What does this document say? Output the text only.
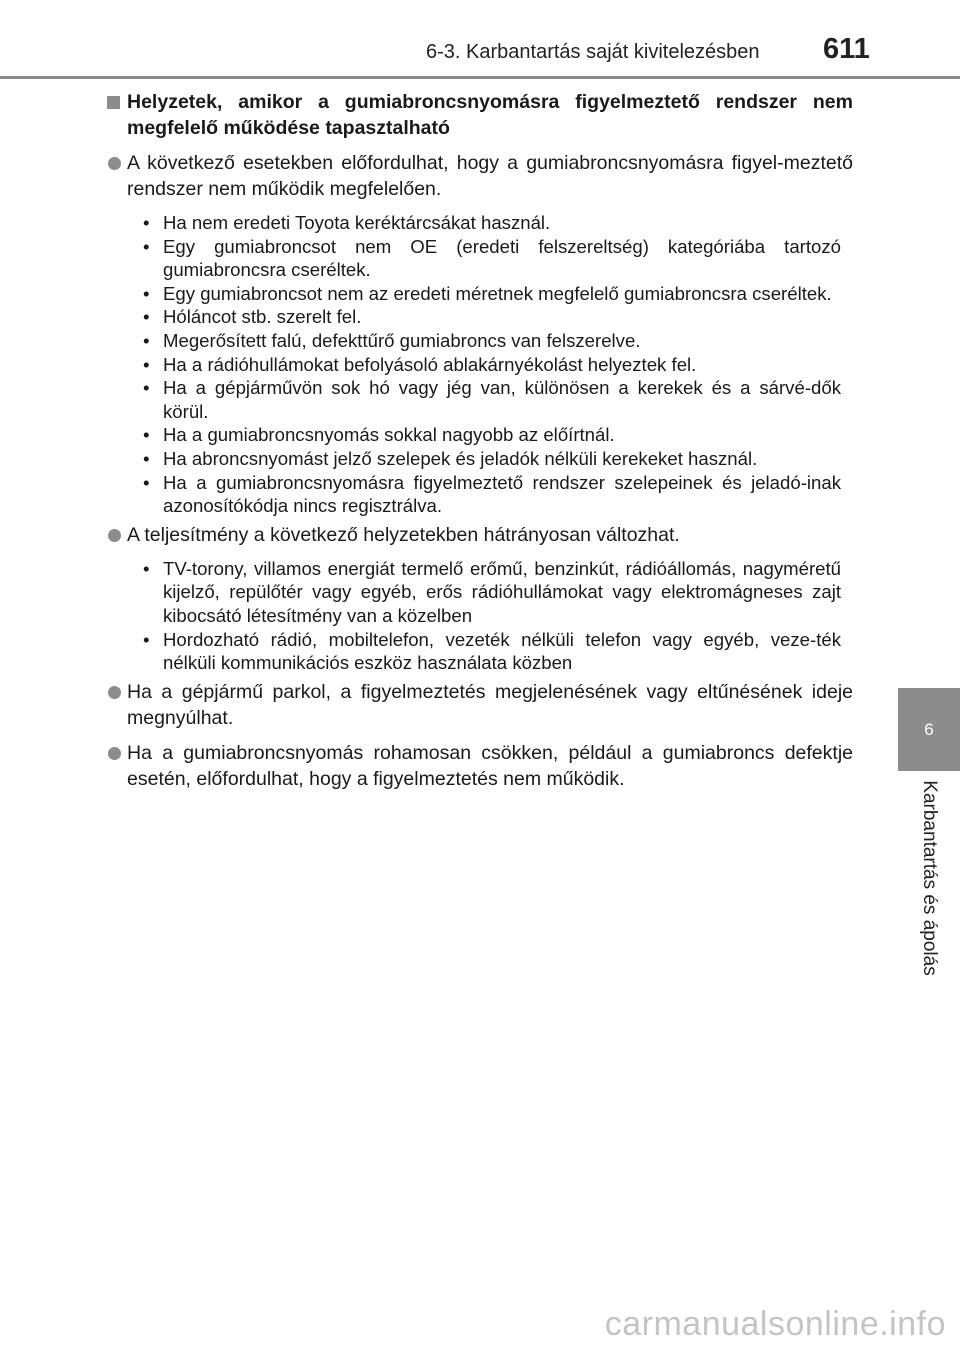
6-3. Karbantartás saját kivitelezésben 611
6
Karbantartás és ápolás
Helyzetek, amikor a gumiabroncsnyomásra figyelmeztető rendszer nem megfelelő működése tapasztalható
A következő esetekben előfordulhat, hogy a gumiabroncsnyomásra figyel-meztető rendszer nem működik megfelelően.
• Ha nem eredeti Toyota keréktárcsákat használ.
• Egy gumiabroncsot nem OE (eredeti felszereltség) kategóriába tartozó gumiabroncsra cseréltek.
• Egy gumiabroncsot nem az eredeti méretnek megfelelő gumiabroncsra cseréltek.
• Hóláncot stb. szerelt fel.
• Megerősített falú, defekttűrő gumiabroncs van felszerelve.
• Ha a rádióhullámokat befolyásoló ablakárnyékolást helyeztek fel.
• Ha a gépjárművön sok hó vagy jég van, különösen a kerekek és a sárvé-dők körül.
• Ha a gumiabroncsnyomás sokkal nagyobb az előírtnál.
• Ha abroncsnyomást jelző szelepek és jeladók nélküli kerekeket használ.
• Ha a gumiabroncsnyomásra figyelmeztető rendszer szelepeinek és jeladó-inak azonosítókódja nincs regisztrálva.
A teljesítmény a következő helyzetekben hátrányosan változhat.
• TV-torony, villamos energiát termelő erőmű, benzinkút, rádióállomás, nagyméretű kijelző, repülőtér vagy egyéb, erős rádióhullámokat vagy elektromágneses zajt kibocsátó létesítmény van a közelben
• Hordozható rádió, mobiltelefon, vezeték nélküli telefon vagy egyéb, veze-ték nélküli kommunikációs eszköz használata közben
Ha a gépjármű parkol, a figyelmeztetés megjelenésének vagy eltűnésének ideje megnyúlhat.
Ha a gumiabroncsnyomás rohamosan csökken, például a gumiabroncs defektje esetén, előfordulhat, hogy a figyelmeztetés nem működik.
carmanualsonline.info
